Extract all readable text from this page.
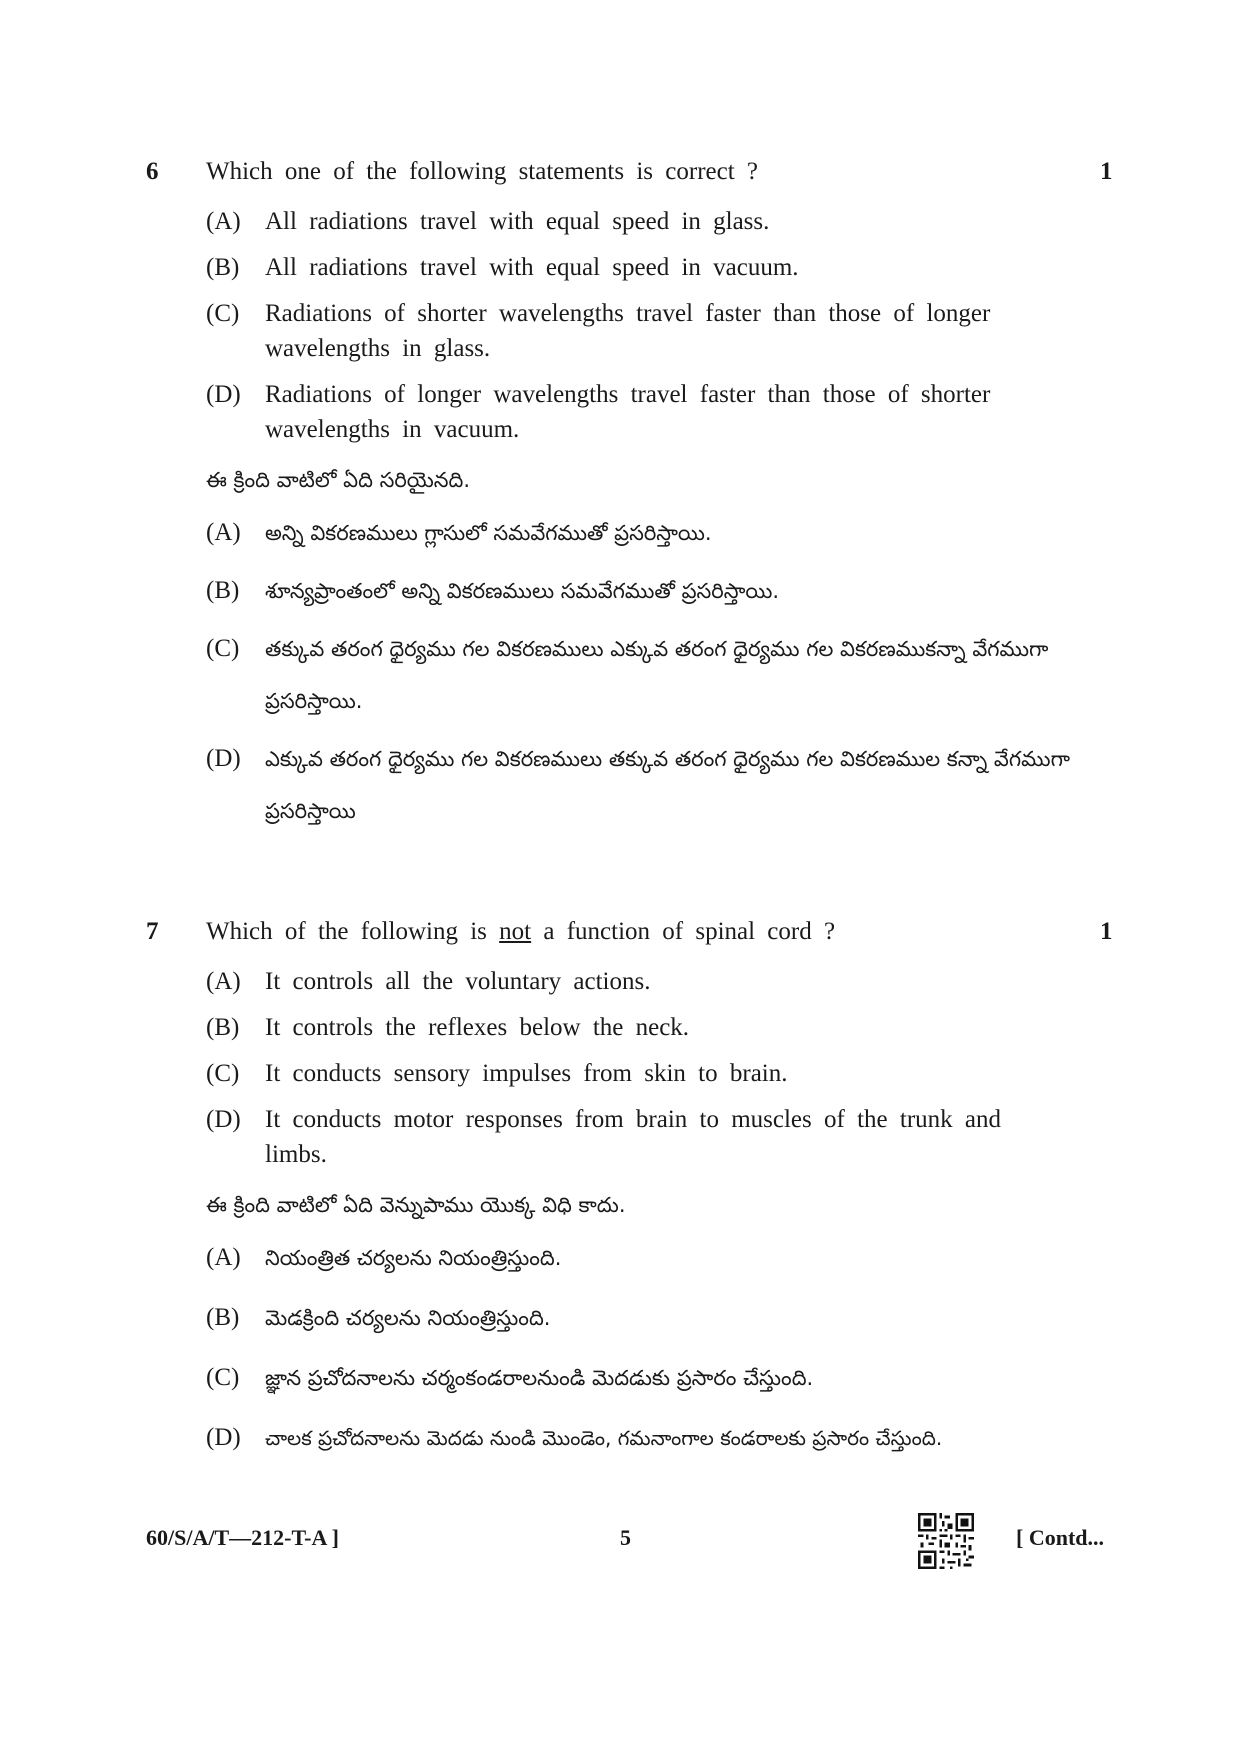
6 Which one of the following statements is correct ?	1
(A) All radiations travel with equal speed in glass.
(B) All radiations travel with equal speed in vacuum.
(C) Radiations of shorter wavelengths travel faster than those of longer wavelengths in glass.
(D) Radiations of longer wavelengths travel faster than those of shorter wavelengths in vacuum.
ఈ క్రింది వాటిలో ఏది సరియైనది.
(A) అన్ని వికరణములు గ్లాసులో సమవేగముతో ప్రసరిస్తాయి.
(B) శూన్యప్రాంతంలో అన్ని వికరణములు సమవేగముతో ప్రసరిస్తాయి.
(C) తక్కువ తరంగ ధైర్యము గల వికరణములు ఎక్కువ తరంగ ధైర్యము గల వికరణముకన్నా వేగముగా ప్రసరిస్తాయి.
(D) ఎక్కువ తరంగ ధైర్యము గల వికరణములు తక్కువ తరంగ ధైర్యము గల వికరణముల కన్నా వేగముగా ప్రసరిస్తాయి
7 Which of the following is not a function of spinal cord ?	1
(A) It controls all the voluntary actions.
(B) It controls the reflexes below the neck.
(C) It conducts sensory impulses from skin to brain.
(D) It conducts motor responses from brain to muscles of the trunk and limbs.
ఈ క్రింది వాటిలో ఏది వెన్నుపాము యొక్క విధి కాదు.
(A) నియంత్రిత చర్యలను నియంత్రిస్తుంది.
(B) మెడక్రింది చర్యలను నియంత్రిస్తుంది.
(C) జ్ఞాన ప్రచోదనాలను చర్మంకండరాలనుండి మెదడుకు ప్రసారం చేస్తుంది.
(D) చాలక ప్రచోదనాలను మెదడు నుండి మొండెం, గమనాంగాల కండరాలకు ప్రసారం చేస్తుంది.
60/S/A/T—212-T-A ]	5	[ Contd...
